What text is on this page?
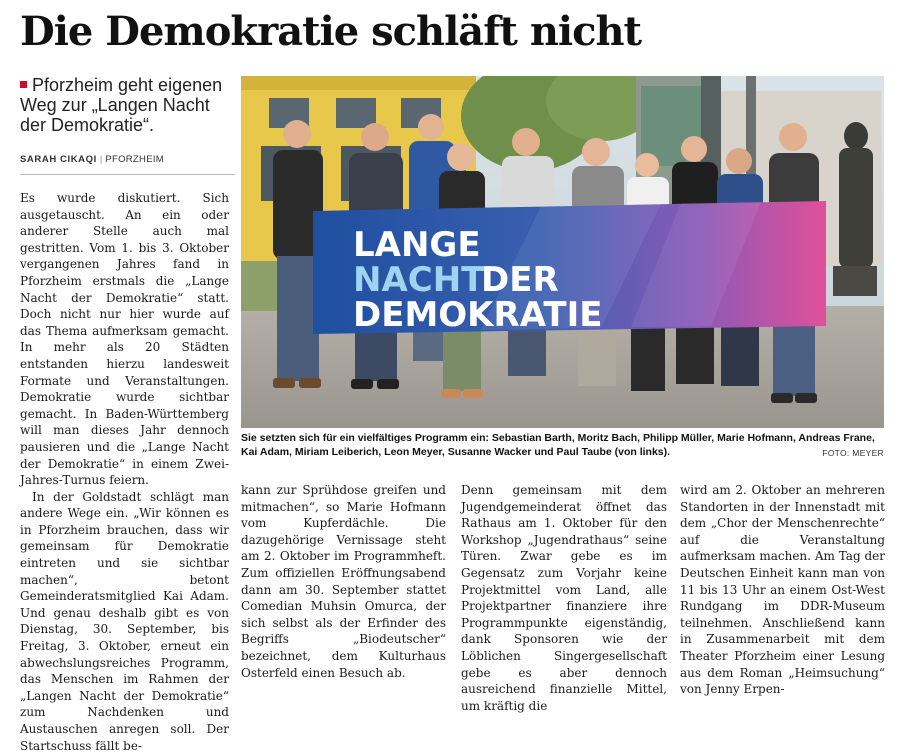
Die Demokratie schläft nicht
Pforzheim geht eigenen Weg zur „Langen Nacht der Demokratie“.
SARAH CIKAQI | PFORZHEIM

Es wurde diskutiert. Sich ausgetauscht. An ein oder anderer Stelle auch mal gestritten. Vom 1. bis 3. Oktober vergangenen Jahres fand in Pforzheim erstmals die „Lange Nacht der Demokratie“ statt. Doch nicht nur hier wurde auf das Thema aufmerksam gemacht. In mehr als 20 Städten entstanden hierzu landesweit Formate und Veranstaltungen. Demokratie wurde sichtbar gemacht. In Baden-Württemberg will man dieses Jahr dennoch pausieren und die „Lange Nacht der Demokratie“ in einem Zwei-Jahres-Turnus feiern.

In der Goldstadt schlägt man andere Wege ein. „Wir können es in Pforzheim brauchen, dass wir gemeinsam für Demokratie eintreten und sie sichtbar machen“, betont Gemeinderatsmitglied Kai Adam. Und genau deshalb gibt es von Dienstag, 30. September, bis Freitag, 3. Oktober, erneut ein abwechslungsreiches Programm, das Menschen im Rahmen der „Langen Nacht der Demokratie“ zum Nachdenken und Austauschen anregen soll. Der Startschuss fällt be-

LANGE
NACHT
DER
DEMOKRATIE
Sie setzten sich für ein vielfältiges Programm ein: Sebastian Barth, Moritz Bach, Philipp Müller, Marie Hofmann, Andreas Frane, Kai Adam, Miriam Leiberich, Leon Meyer, Susanne Wacker und Paul Taube (von links).	FOTO: MEYER

kann zur Sprühdose greifen und mitmachen“, so Marie Hofmann vom Kupferdächle. Die dazugehörige Vernissage steht am 2. Oktober im Programmheft. Zum offiziellen Eröffnungsabend dann am 30. September stattet Comedian Muhsin Omurca, der sich selbst als der Erfinder des Begriffs „Biodeutscher“ bezeichnet, dem Kulturhaus Osterfeld einen Besuch ab.

Denn gemeinsam mit dem Jugendgemeinderat öffnet das Rathaus am 1. Oktober für den Workshop „Jugendrathaus“ seine Türen. Zwar gebe es im Gegensatz zum Vorjahr keine Projektmittel vom Land, alle Projektpartner finanziere ihre Programmpunkte eigenständig, dank Sponsoren wie der Löblichen Singergesellschaft gebe es aber dennoch ausreichend finanzielle Mittel, um kräftig die

wird am 2. Oktober an mehreren Standorten in der Innenstadt mit dem „Chor der Menschenrechte“ auf die Veranstaltung aufmerksam machen. Am Tag der Deutschen Einheit kann man von 11 bis 13 Uhr an einem Ost-West Rundgang im DDR-Museum teilnehmen. Anschließend kann in Zusammenarbeit mit dem Theater Pforzheim einer Lesung aus dem Roman „Heimsuchung“ von Jenny Erpen-
